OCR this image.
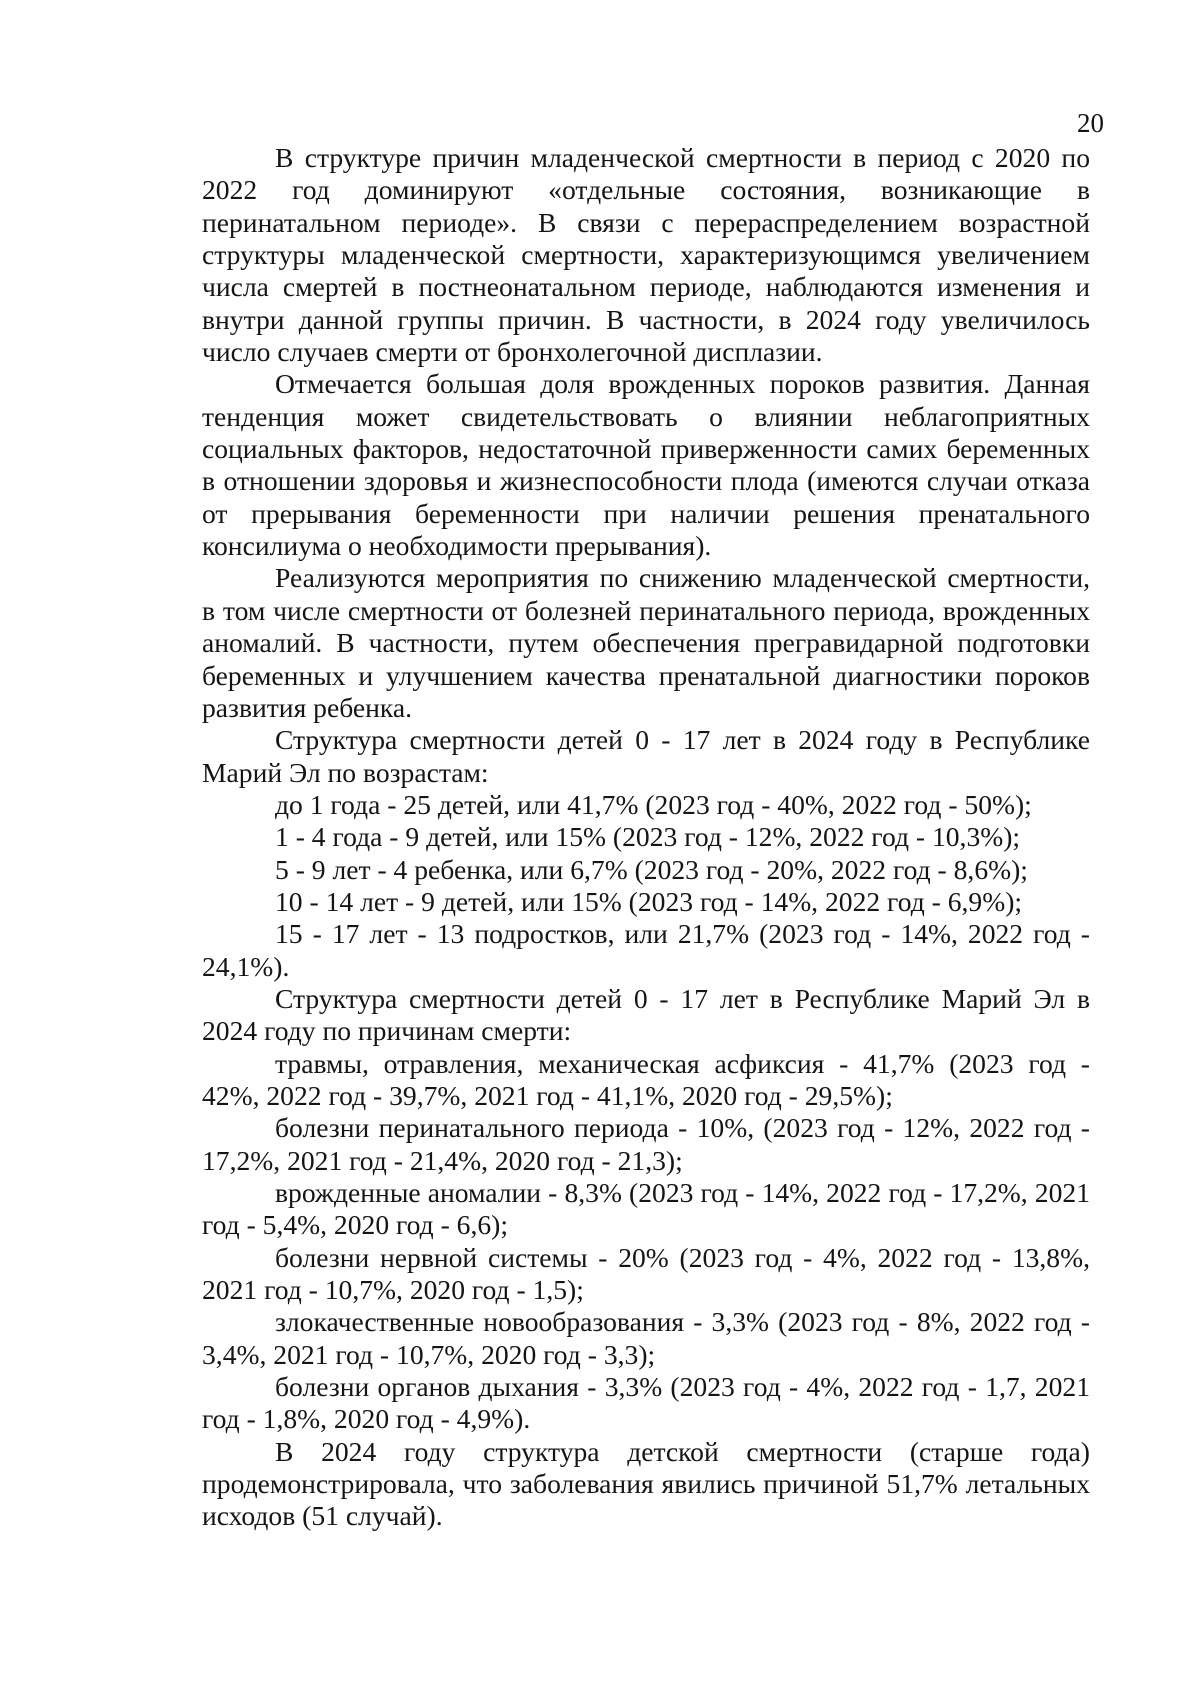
20

В структуре причин младенческой смертности в период с 2020 по 2022 год доминируют «отдельные состояния, возникающие в перинатальном периоде». В связи с перераспределением возрастной структуры младенческой смертности, характеризующимся увеличением числа смертей в постнеонатальном периоде, наблюдаются изменения и внутри данной группы причин. В частности, в 2024 году увеличилось число случаев смерти от бронхолегочной дисплазии.

Отмечается большая доля врожденных пороков развития. Данная тенденция может свидетельствовать о влиянии неблагоприятных социальных факторов, недостаточной приверженности самих беременных в отношении здоровья и жизнеспособности плода (имеются случаи отказа от прерывания беременности при наличии решения пренатального консилиума о необходимости прерывания).

Реализуются мероприятия по снижению младенческой смертности, в том числе смертности от болезней перинатального периода, врожденных аномалий. В частности, путем обеспечения прегравидарной подготовки беременных и улучшением качества пренатальной диагностики пороков развития ребенка.

Структура смертности детей 0 - 17 лет в 2024 году в Республике Марий Эл по возрастам:

до 1 года - 25 детей, или 41,7% (2023 год - 40%, 2022 год - 50%);

1 - 4 года - 9 детей, или 15% (2023 год - 12%, 2022 год - 10,3%);

5 - 9 лет - 4 ребенка, или 6,7% (2023 год - 20%, 2022 год - 8,6%);

10 - 14 лет - 9 детей, или 15% (2023 год - 14%, 2022 год - 6,9%);

15 - 17 лет - 13 подростков, или 21,7% (2023 год - 14%, 2022 год - 24,1%).

Структура смертности детей 0 - 17 лет в Республике Марий Эл в 2024 году по причинам смерти:

травмы, отравления, механическая асфиксия - 41,7% (2023 год - 42%, 2022 год - 39,7%, 2021 год - 41,1%, 2020 год - 29,5%);

болезни перинатального периода - 10%, (2023 год - 12%, 2022 год - 17,2%, 2021 год - 21,4%, 2020 год - 21,3);

врожденные аномалии - 8,3% (2023 год - 14%, 2022 год - 17,2%, 2021 год - 5,4%, 2020 год - 6,6);

болезни нервной системы - 20% (2023 год - 4%, 2022 год - 13,8%, 2021 год - 10,7%, 2020 год - 1,5);

злокачественные новообразования - 3,3% (2023 год - 8%, 2022 год - 3,4%, 2021 год - 10,7%, 2020 год - 3,3);

болезни органов дыхания - 3,3% (2023 год - 4%, 2022 год - 1,7, 2021 год - 1,8%, 2020 год - 4,9%).

В 2024 году структура детской смертности (старше года) продемонстрировала, что заболевания явились причиной 51,7% летальных исходов (51 случай).
